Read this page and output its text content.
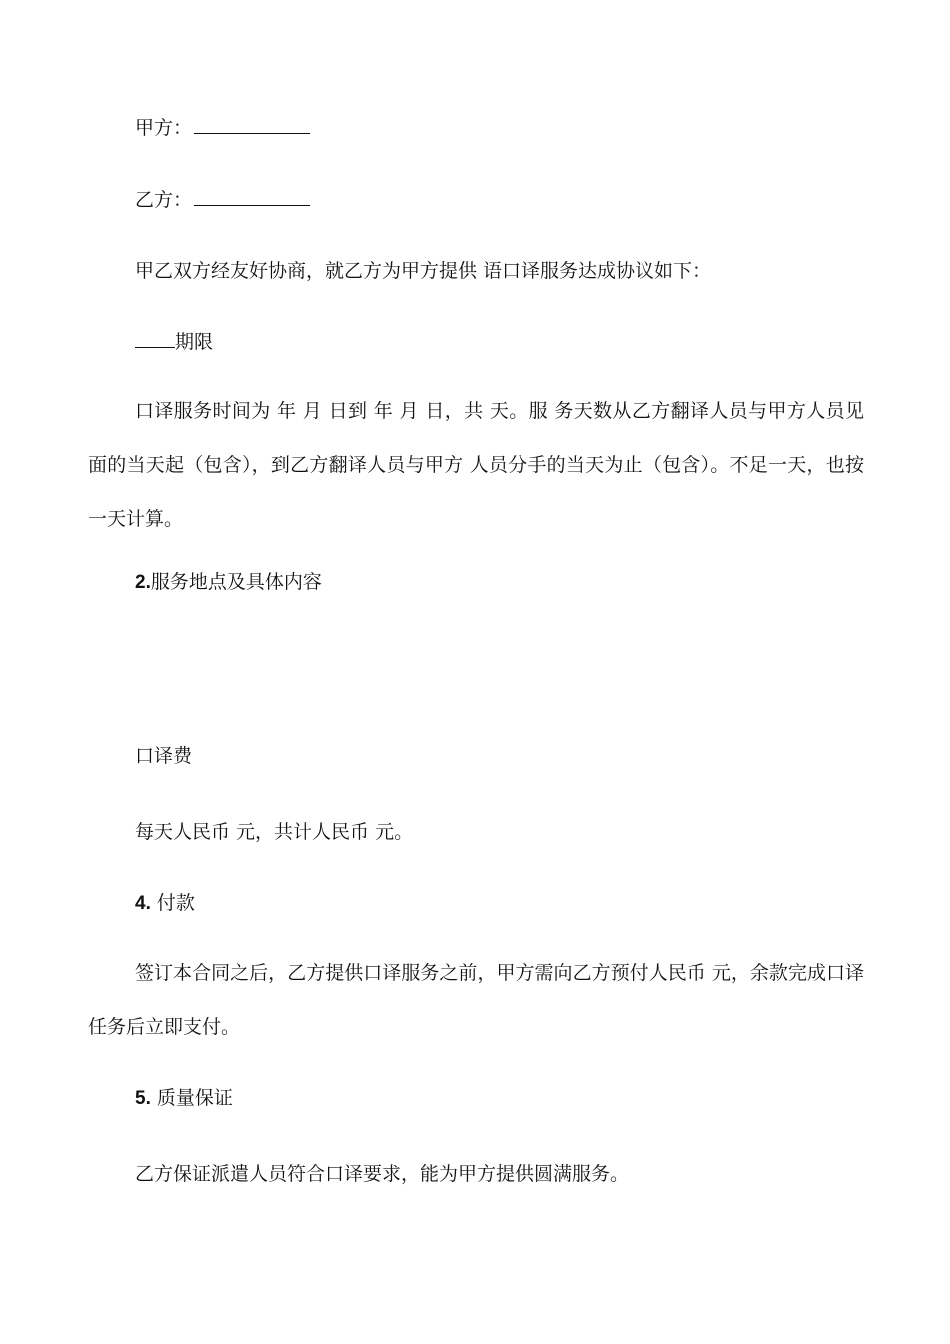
甲方：
乙方：
甲乙双方经友好协商，就乙方为甲方提供 语口译服务达成协议如下：
期限
口译服务时间为 年 月 日到 年 月 日，共 天。服 务天数从乙方翻译人员与甲方人员见面的当天起（包含），到乙方翻译人员与甲方 人员分手的当天为止（包含）。不足一天，也按一天计算。
2.服务地点及具体内容
口译费
每天人民币 元，共计人民币 元。
4. 付款
签订本合同之后，乙方提供口译服务之前，甲方需向乙方预付人民币 元，余款完成口译任务后立即支付。
5. 质量保证
乙方保证派遣人员符合口译要求，能为甲方提供圆满服务。
